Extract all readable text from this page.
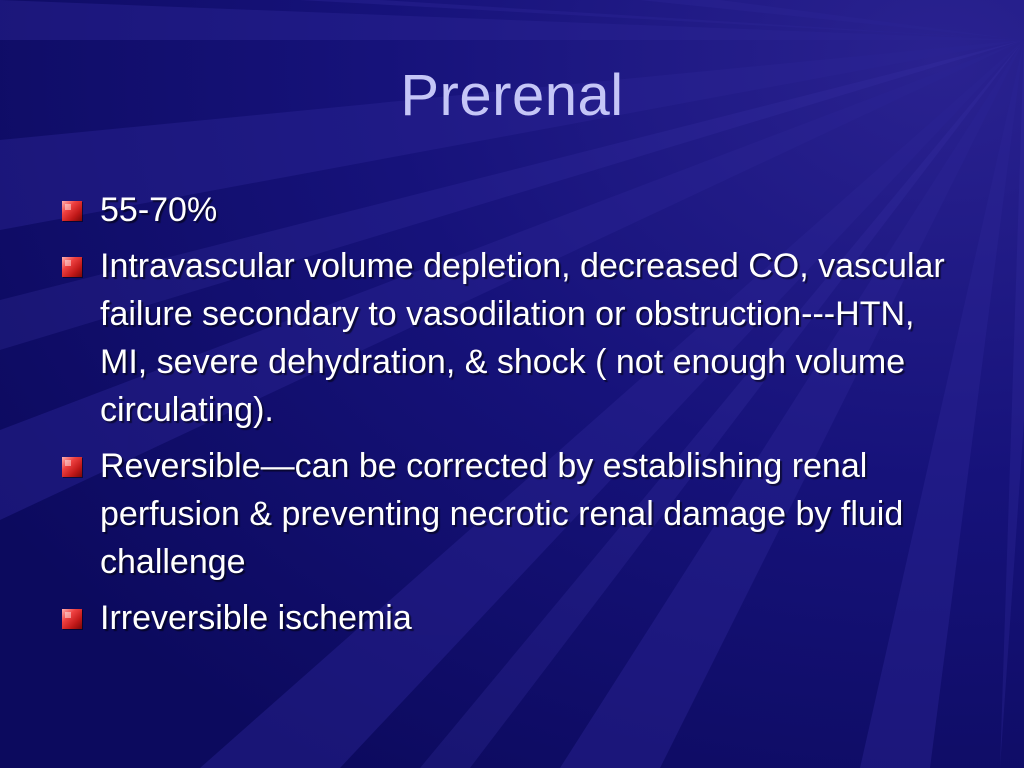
Prerenal
55-70%
Intravascular volume depletion, decreased CO, vascular failure secondary to vasodilation or obstruction---HTN, MI, severe dehydration, & shock ( not enough volume circulating).
Reversible—can be corrected by establishing renal perfusion & preventing necrotic renal damage by fluid challenge
Irreversible ischemia
